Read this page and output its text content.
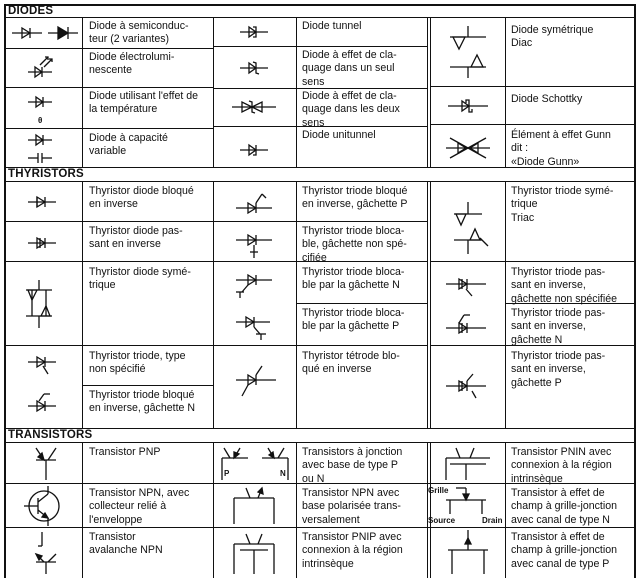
DIODES
THYRISTORS
TRANSISTORS
Diode à semiconduc-
teur (2 variantes)
Diode électrolumi-
nescente
Diode utilisant l'effet de
la température
Diode à capacité
variable
Diode tunnel
Diode à effet de cla-
quage dans un seul
sens
Diode à effet de cla-
quage dans les deux
sens
Diode unitunnel
Diode symétrique
Diac
Diode Schottky
Élément à effet Gunn
dit :
«Diode Gunn»
Thyristor diode bloqué
en inverse
Thyristor diode pas-
sant en inverse
Thyristor diode symé-
trique
Thyristor triode, type
non spécifié
Thyristor triode bloqué
en inverse, gâchette N
Thyristor triode bloqué
en inverse, gâchette P
Thyristor triode bloca-
ble, gâchette non spé-
cifiée
Thyristor triode bloca-
ble par la gâchette N
Thyristor triode bloca-
ble par la gâchette P
Thyristor tétrode blo-
qué en inverse
Thyristor triode symé-
trique
Triac
Thyristor triode pas-
sant en inverse,
gâchette non spécifiée
Thyristor triode pas-
sant en inverse,
gâchette N
Thyristor triode pas-
sant en inverse,
gâchette P
Transistor PNP
Transistor NPN, avec
collecteur relié à
l'enveloppe
Transistor
avalanche NPN
Transistors à jonction
avec base de type P
ou N
Transistor NPN avec
base polarisée trans-
versalement
Transistor PNIP avec
connexion à la région
intrinsèque
Transistor PNIN avec
connexion à la région
intrinsèque
Transistor à effet de
champ à grille-jonction
avec canal de type N
Transistor à effet de
champ à grille-jonction
avec canal de type P
θ
P	N
Grille
Source	Drain
